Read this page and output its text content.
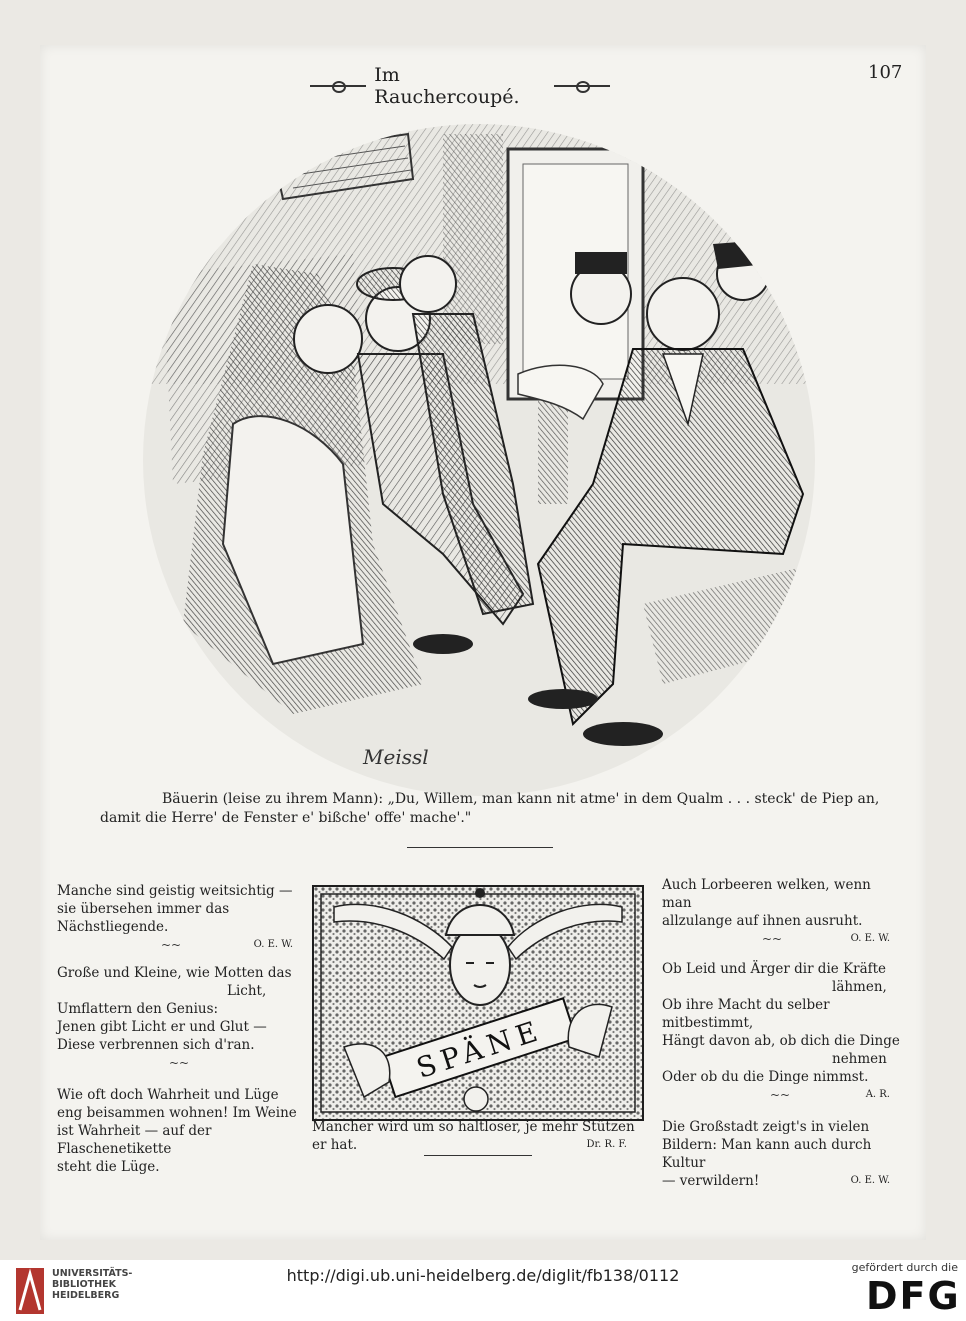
Im Rauchercoupé.
107
Meissl
Bäuerin (leise zu ihrem Mann): „Du, Willem, man kann nit atme' in dem Qualm . . . steck' de Piep an,
damit die Herre' de Fenster e' bißche' offe' mache'."

Manche sind geistig weitsichtig —

sie übersehen immer das Nächstliegende.

~~	O. E. W.

Große und Kleine, wie Motten das

Licht,

Umflattern den Genius:

Jenen gibt Licht er und Glut —

Diese verbrennen sich d'ran.

~~

Wie oft doch Wahrheit und Lüge

eng beisammen wohnen! Im Weine

ist Wahrheit — auf der Flaschenetikette

steht die Lüge.

SPÄNE

Mancher wird um so haltloser, je mehr Stützen

er hat.	Dr. R. F.

Auch Lorbeeren welken, wenn man

allzulange auf ihnen ausruht.

~~	O. E. W.

Ob Leid und Ärger dir die Kräfte

lähmen,

Ob ihre Macht du selber mitbestimmt,

Hängt davon ab, ob dich die Dinge

nehmen

Oder ob du die Dinge nimmst.

~~	A. R.

Die Großstadt zeigt's in vielen

Bildern: Man kann auch durch Kultur

— verwildern!	O. E. W.

UNIVERSITÄTS-
BIBLIOTHEK
HEIDELBERG
http://digi.ub.uni-heidelberg.de/diglit/fb138/0112	gefördert durch die
DFG
